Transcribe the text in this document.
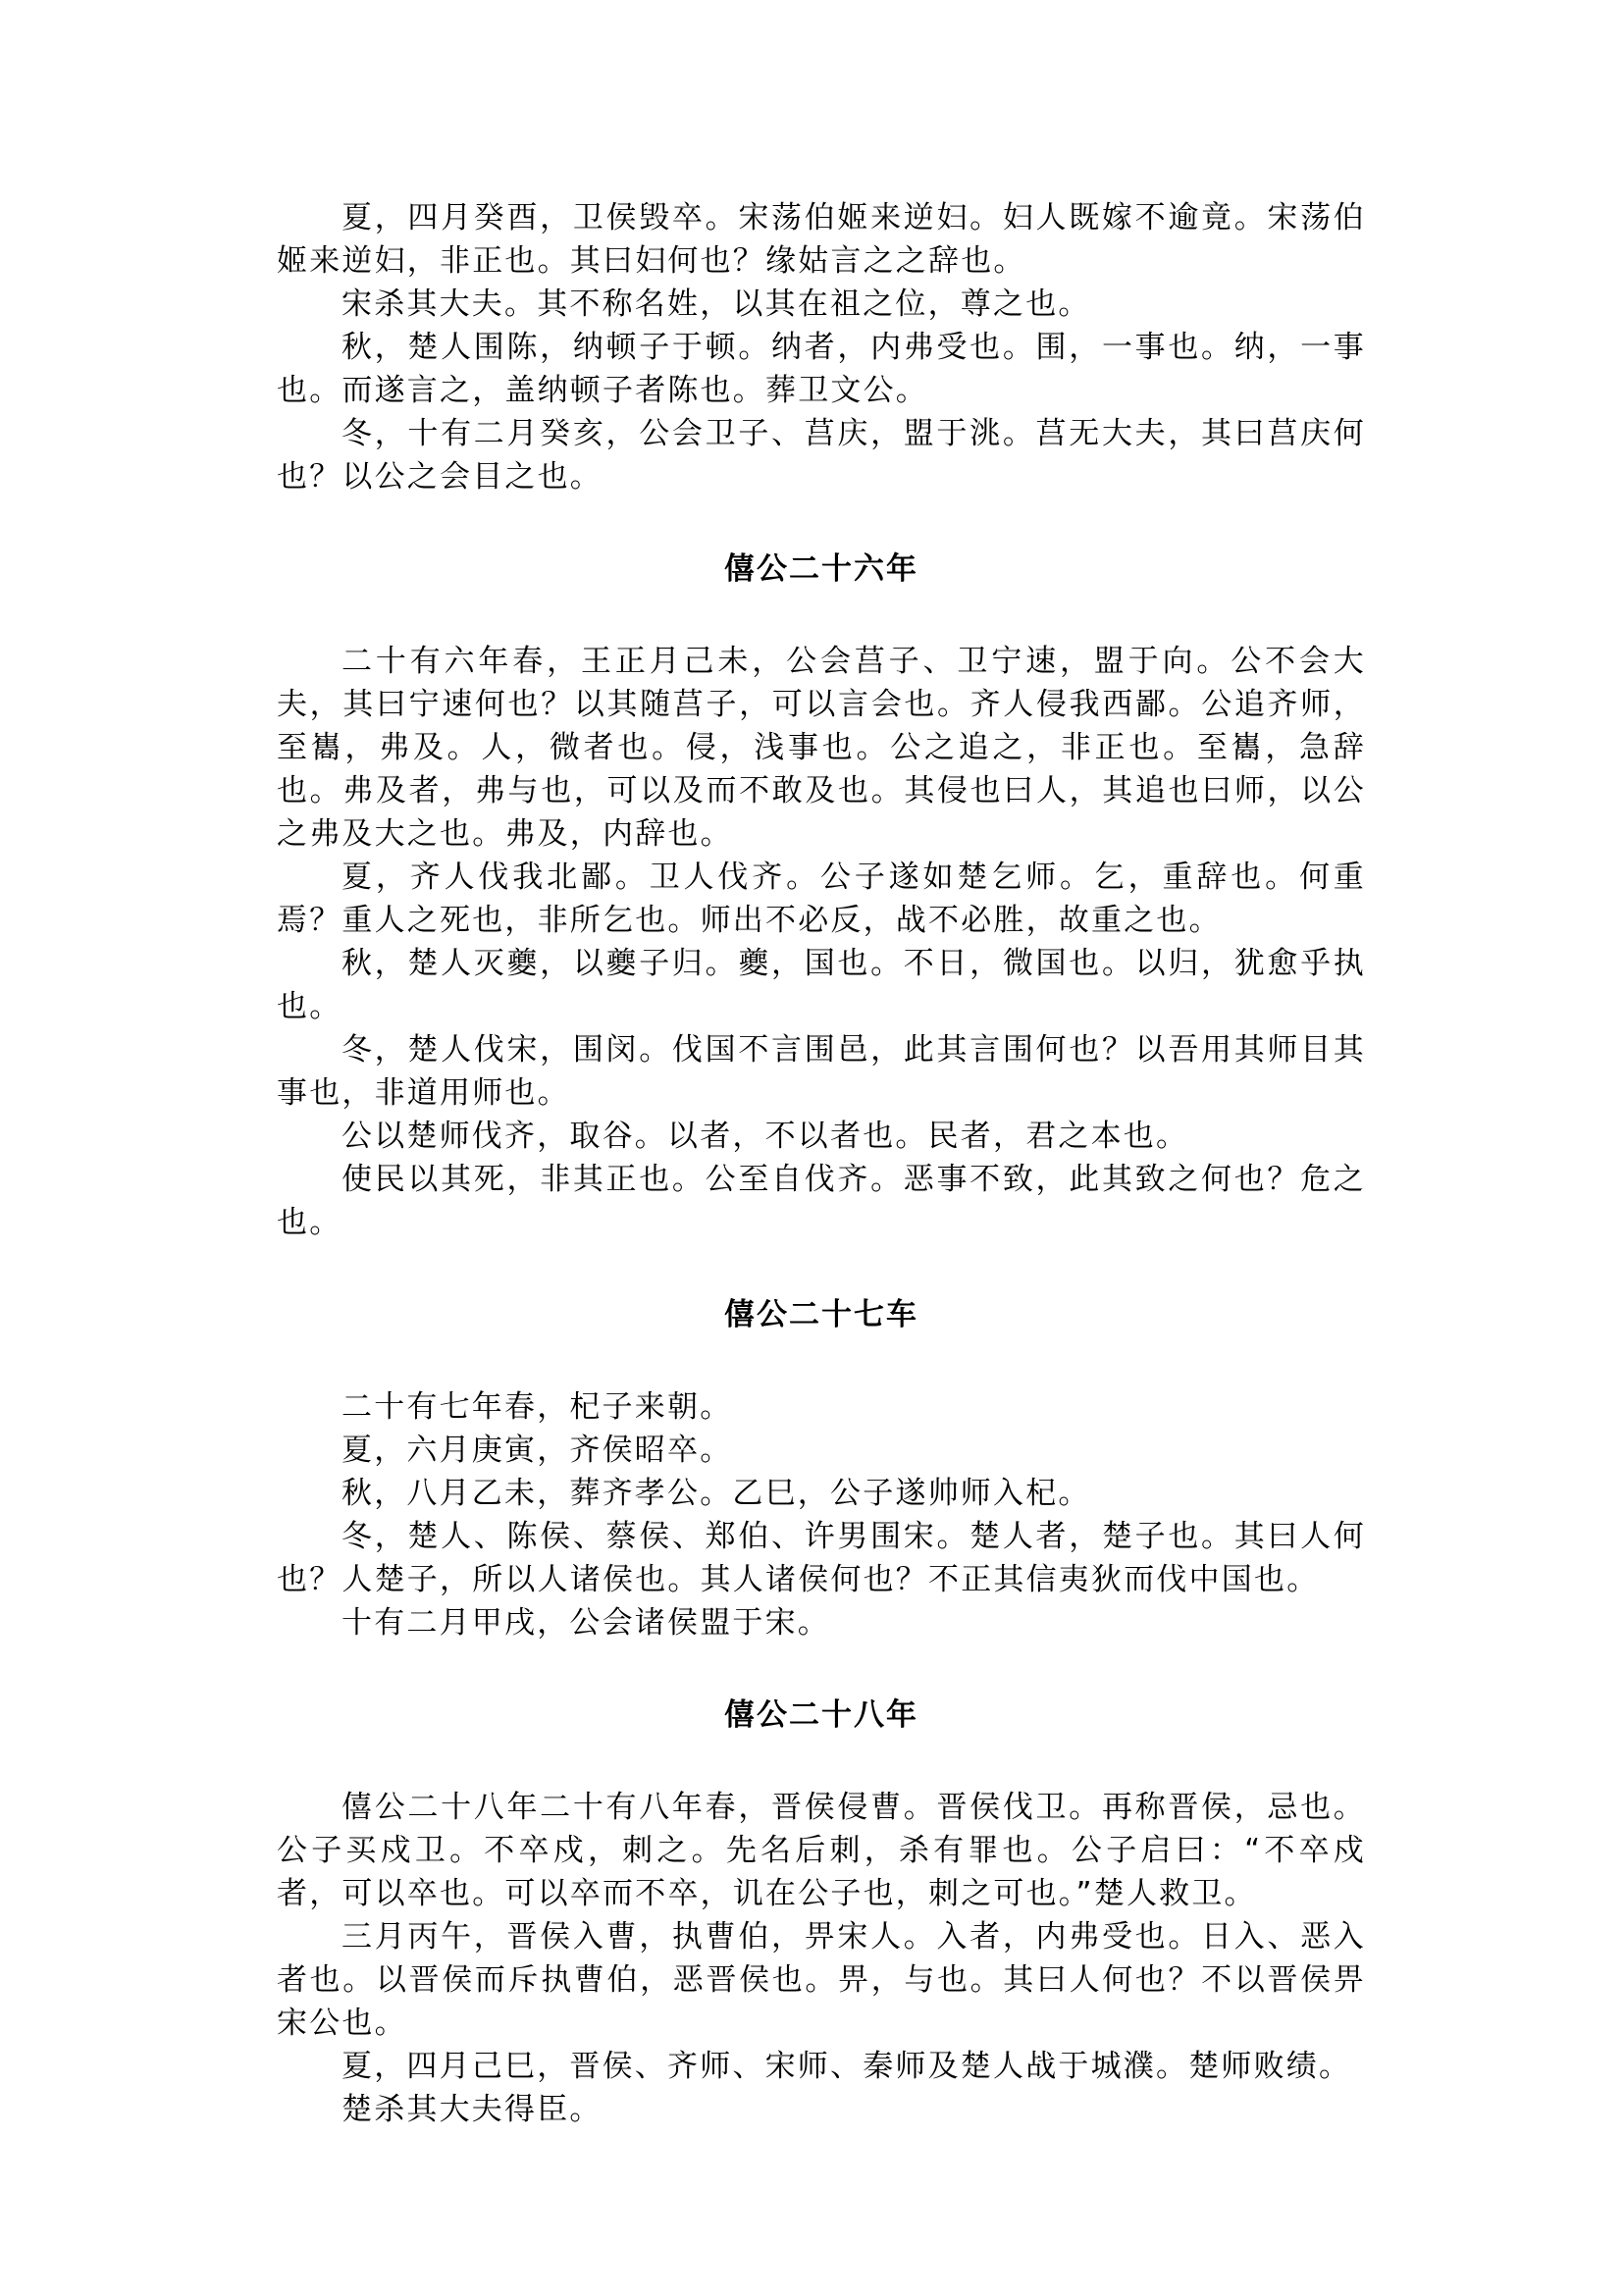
夏，四月癸酉，卫侯毁卒。宋荡伯姬来逆妇。妇人既嫁不逾竟。宋荡伯姬来逆妇，非正也。其曰妇何也？缘姑言之之辞也。

宋杀其大夫。其不称名姓，以其在祖之位，尊之也。

秋，楚人围陈，纳顿子于顿。纳者，内弗受也。围，一事也。纳，一事也。而遂言之，盖纳顿子者陈也。葬卫文公。

冬，十有二月癸亥，公会卫子、莒庆，盟于洮。莒无大夫，其曰莒庆何也？以公之会目之也。

僖公二十六年

二十有六年春，王正月己未，公会莒子、卫宁速，盟于向。公不会大夫，其曰宁速何也？以其随莒子，可以言会也。齐人侵我西鄙。公追齐师，至巂，弗及。人，微者也。侵，浅事也。公之追之，非正也。至巂，急辞也。弗及者，弗与也，可以及而不敢及也。其侵也曰人，其追也曰师，以公之弗及大之也。弗及，内辞也。

夏，齐人伐我北鄙。卫人伐齐。公子遂如楚乞师。乞，重辞也。何重焉？重人之死也，非所乞也。师出不必反，战不必胜，故重之也。

秋，楚人灭夔，以夔子归。夔，国也。不日，微国也。以归，犹愈乎执也。

冬，楚人伐宋，围闵。伐国不言围邑，此其言围何也？以吾用其师目其事也，非道用师也。

公以楚师伐齐，取谷。以者，不以者也。民者，君之本也。

使民以其死，非其正也。公至自伐齐。恶事不致，此其致之何也？危之也。

僖公二十七车

二十有七年春，杞子来朝。

夏，六月庚寅，齐侯昭卒。

秋，八月乙未，葬齐孝公。乙巳，公子遂帅师入杞。

冬，楚人、陈侯、蔡侯、郑伯、许男围宋。楚人者，楚子也。其曰人何也？人楚子，所以人诸侯也。其人诸侯何也？不正其信夷狄而伐中国也。

十有二月甲戌，公会诸侯盟于宋。

僖公二十八年

僖公二十八年二十有八年春，晋侯侵曹。晋侯伐卫。再称晋侯，忌也。公子买戍卫。不卒戍，刺之。先名后刺，杀有罪也。公子启曰：“不卒戍者，可以卒也。可以卒而不卒，讥在公子也，刺之可也。”楚人救卫。

三月丙午，晋侯入曹，执曹伯，畀宋人。入者，内弗受也。日入、恶入者也。以晋侯而斥执曹伯，恶晋侯也。畀，与也。其曰人何也？不以晋侯畀宋公也。

夏，四月己巳，晋侯、齐师、宋师、秦师及楚人战于城濮。楚师败绩。

楚杀其大夫得臣。
